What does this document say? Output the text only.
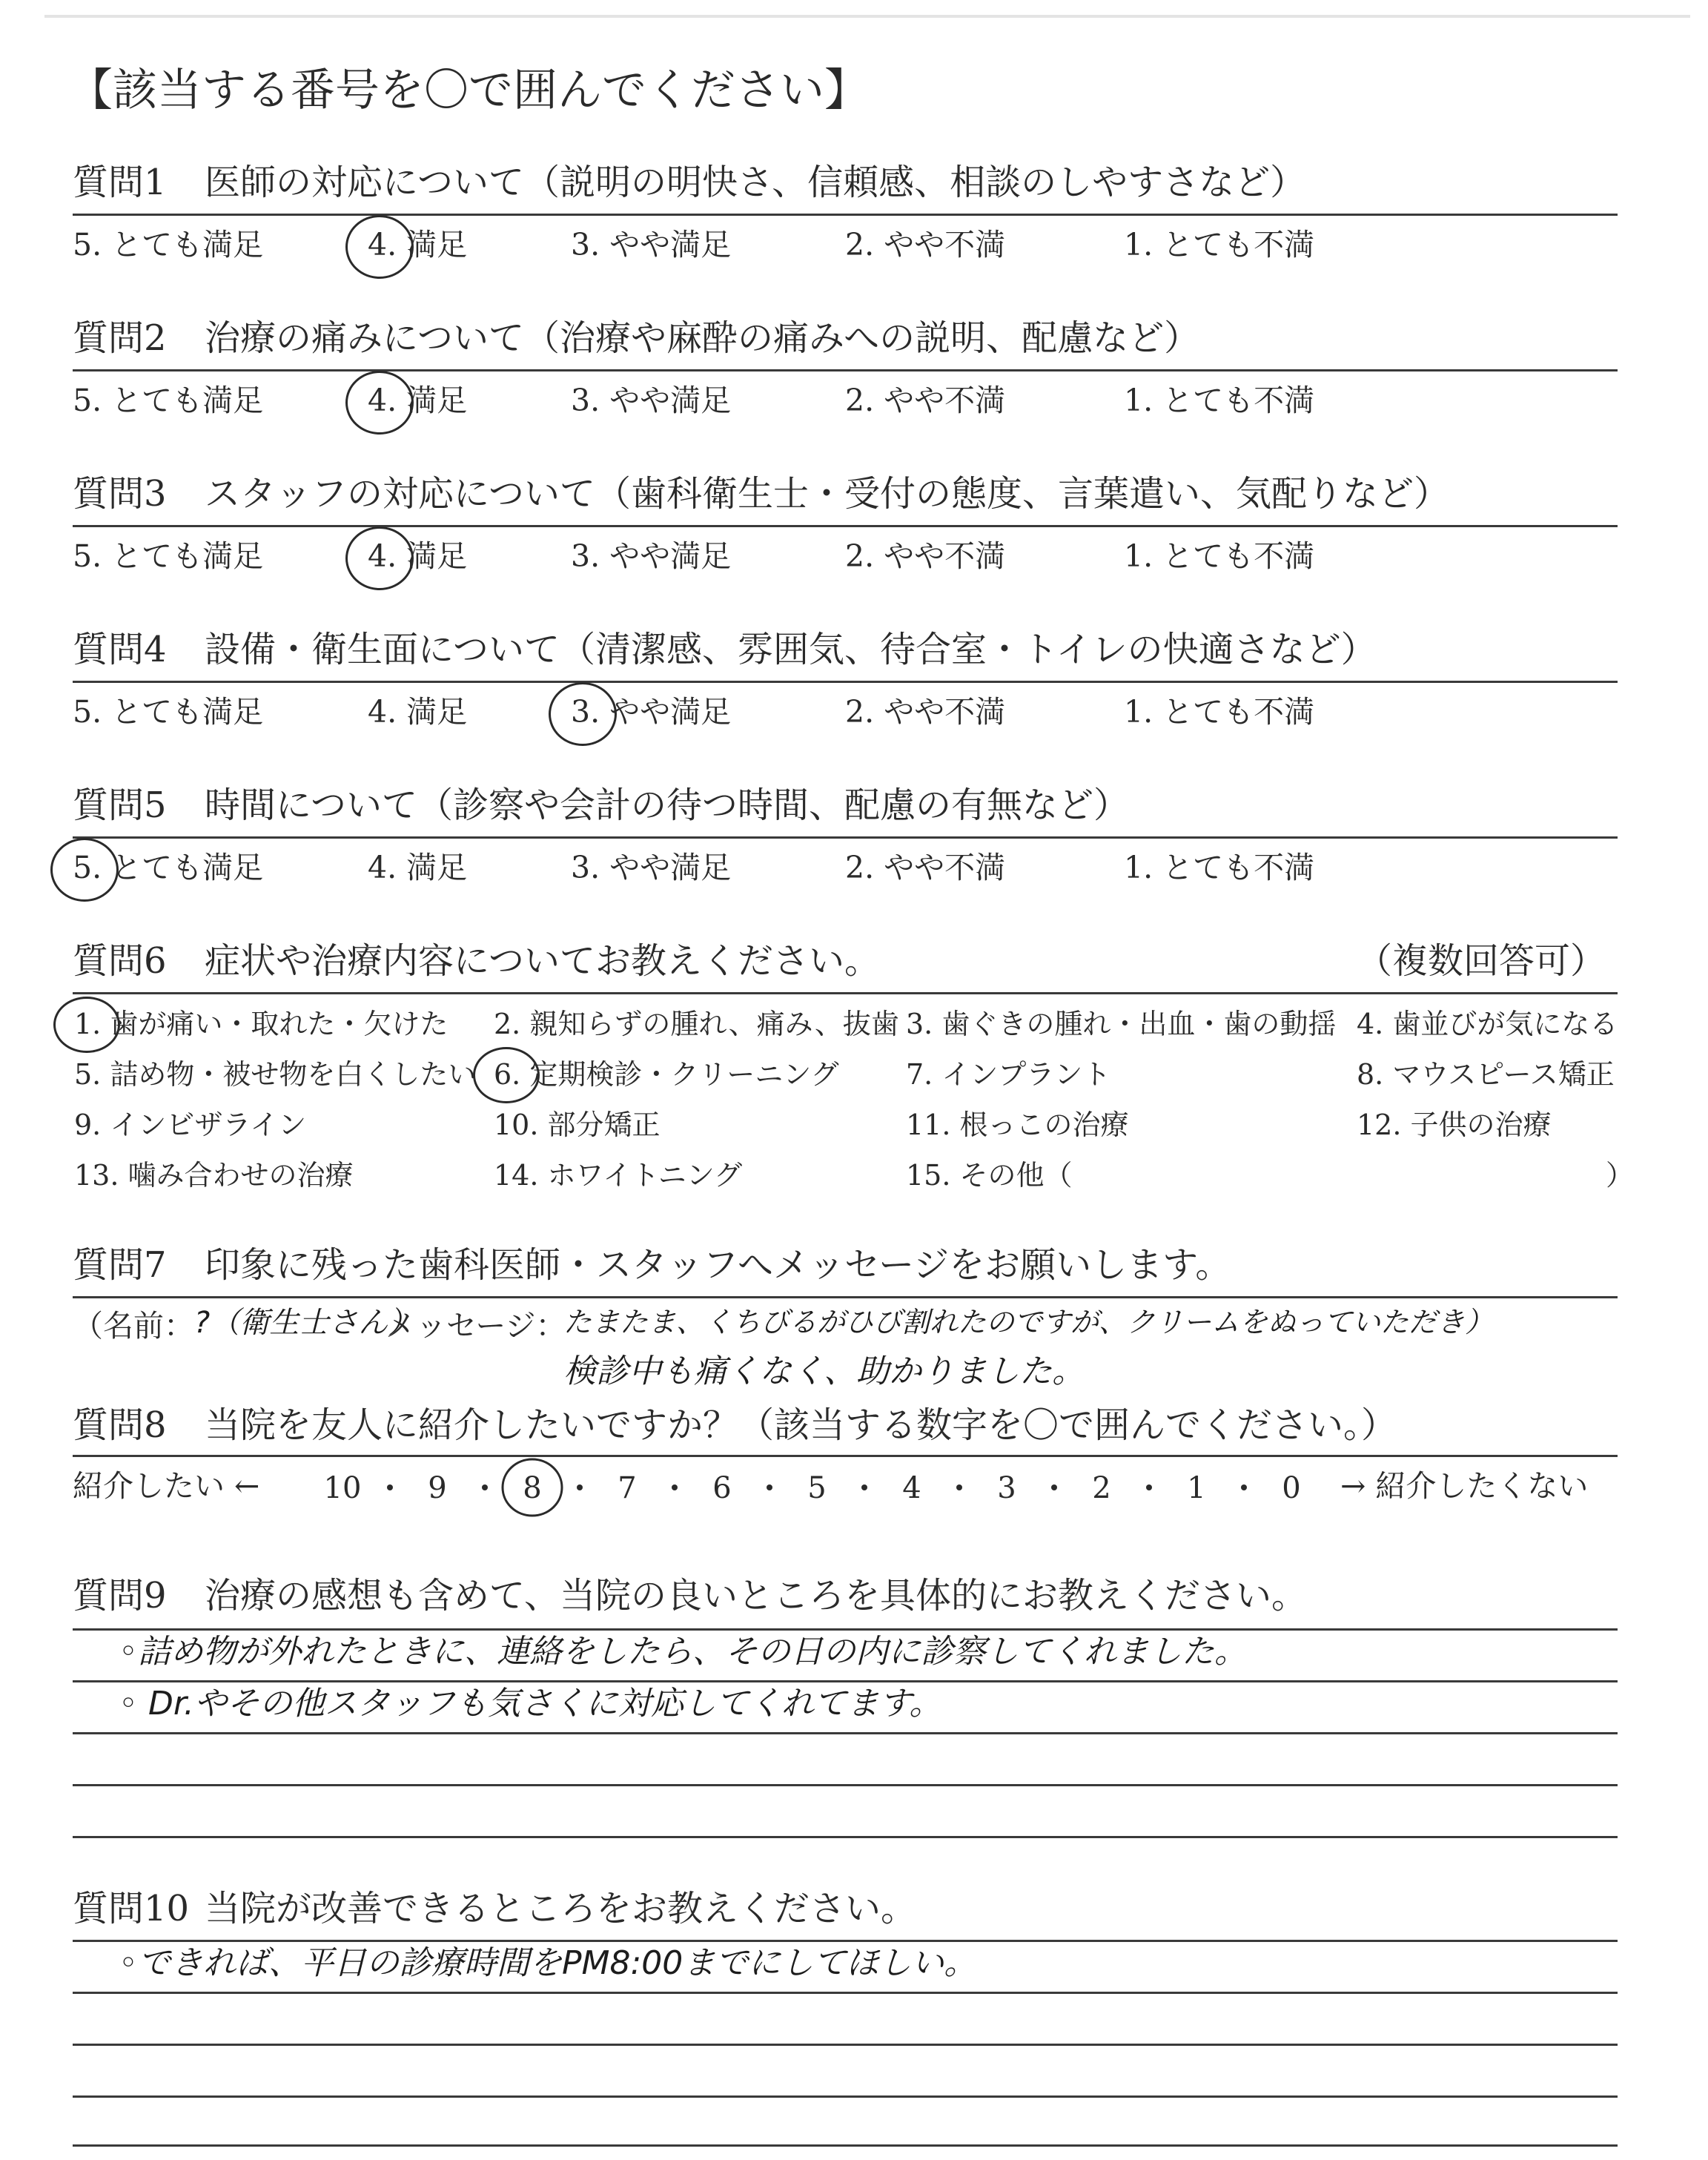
【該当する番号を〇で囲んでください】
質問1 医師の対応について（説明の明快さ、信頼感、相談のしやすさなど）
5. とても満足	4. 満足	3. やや満足	2. やや不満	1. とても不満
質問2 治療の痛みについて（治療や麻酔の痛みへの説明、配慮など）
5. とても満足	4. 満足	3. やや満足	2. やや不満	1. とても不満
質問3 スタッフの対応について（歯科衛生士・受付の態度、言葉遣い、気配りなど）
5. とても満足	4. 満足	3. やや満足	2. やや不満	1. とても不満
質問4 設備・衛生面について（清潔感、雰囲気、待合室・トイレの快適さなど）
5. とても満足	4. 満足	3. やや満足	2. やや不満	1. とても不満
質問5 時間について（診察や会計の待つ時間、配慮の有無など）
5. とても満足	4. 満足	3. やや満足	2. やや不満	1. とても不満
質問6 症状や治療内容についてお教えください。	（複数回答可）
1. 歯が痛い・取れた・欠けた 2. 親知らずの腫れ、痛み、抜歯 3. 歯ぐきの腫れ・出血・歯の動揺 4. 歯並びが気になる
5. 詰め物・被せ物を白くしたい 6. 定期検診・クリーニング 7. インプラント	8. マウスピース矯正
9. インビザライン	10. 部分矯正	11. 根っこの治療	12. 子供の治療
13. 噛み合わせの治療	14. ホワイトニング	15. その他（	）
質問7 印象に残った歯科医師・スタッフへメッセージをお願いします。
（名前： ?（衛生士さん）
メッセージ：
たまたま、くちびるがひび割れたのですが、クリームをぬっていただき）
検診中も痛くなく、助かりました。
質問8 当院を友人に紹介したいですか？（該当する数字を〇で囲んでください。）
紹介したい ←	→ 紹介したくない
10 9	8	7	6	5	4	3	2	1	0
質問9 治療の感想も含めて、当院の良いところを具体的にお教えください。
◦詰め物が外れたときに、連絡をしたら、その日の内に診察してくれました。
◦ Dr.やその他スタッフも気さくに対応してくれてます。
質問10 当院が改善できるところをお教えください。
◦できれば、平日の診療時間をPM8:00までにしてほしい。
